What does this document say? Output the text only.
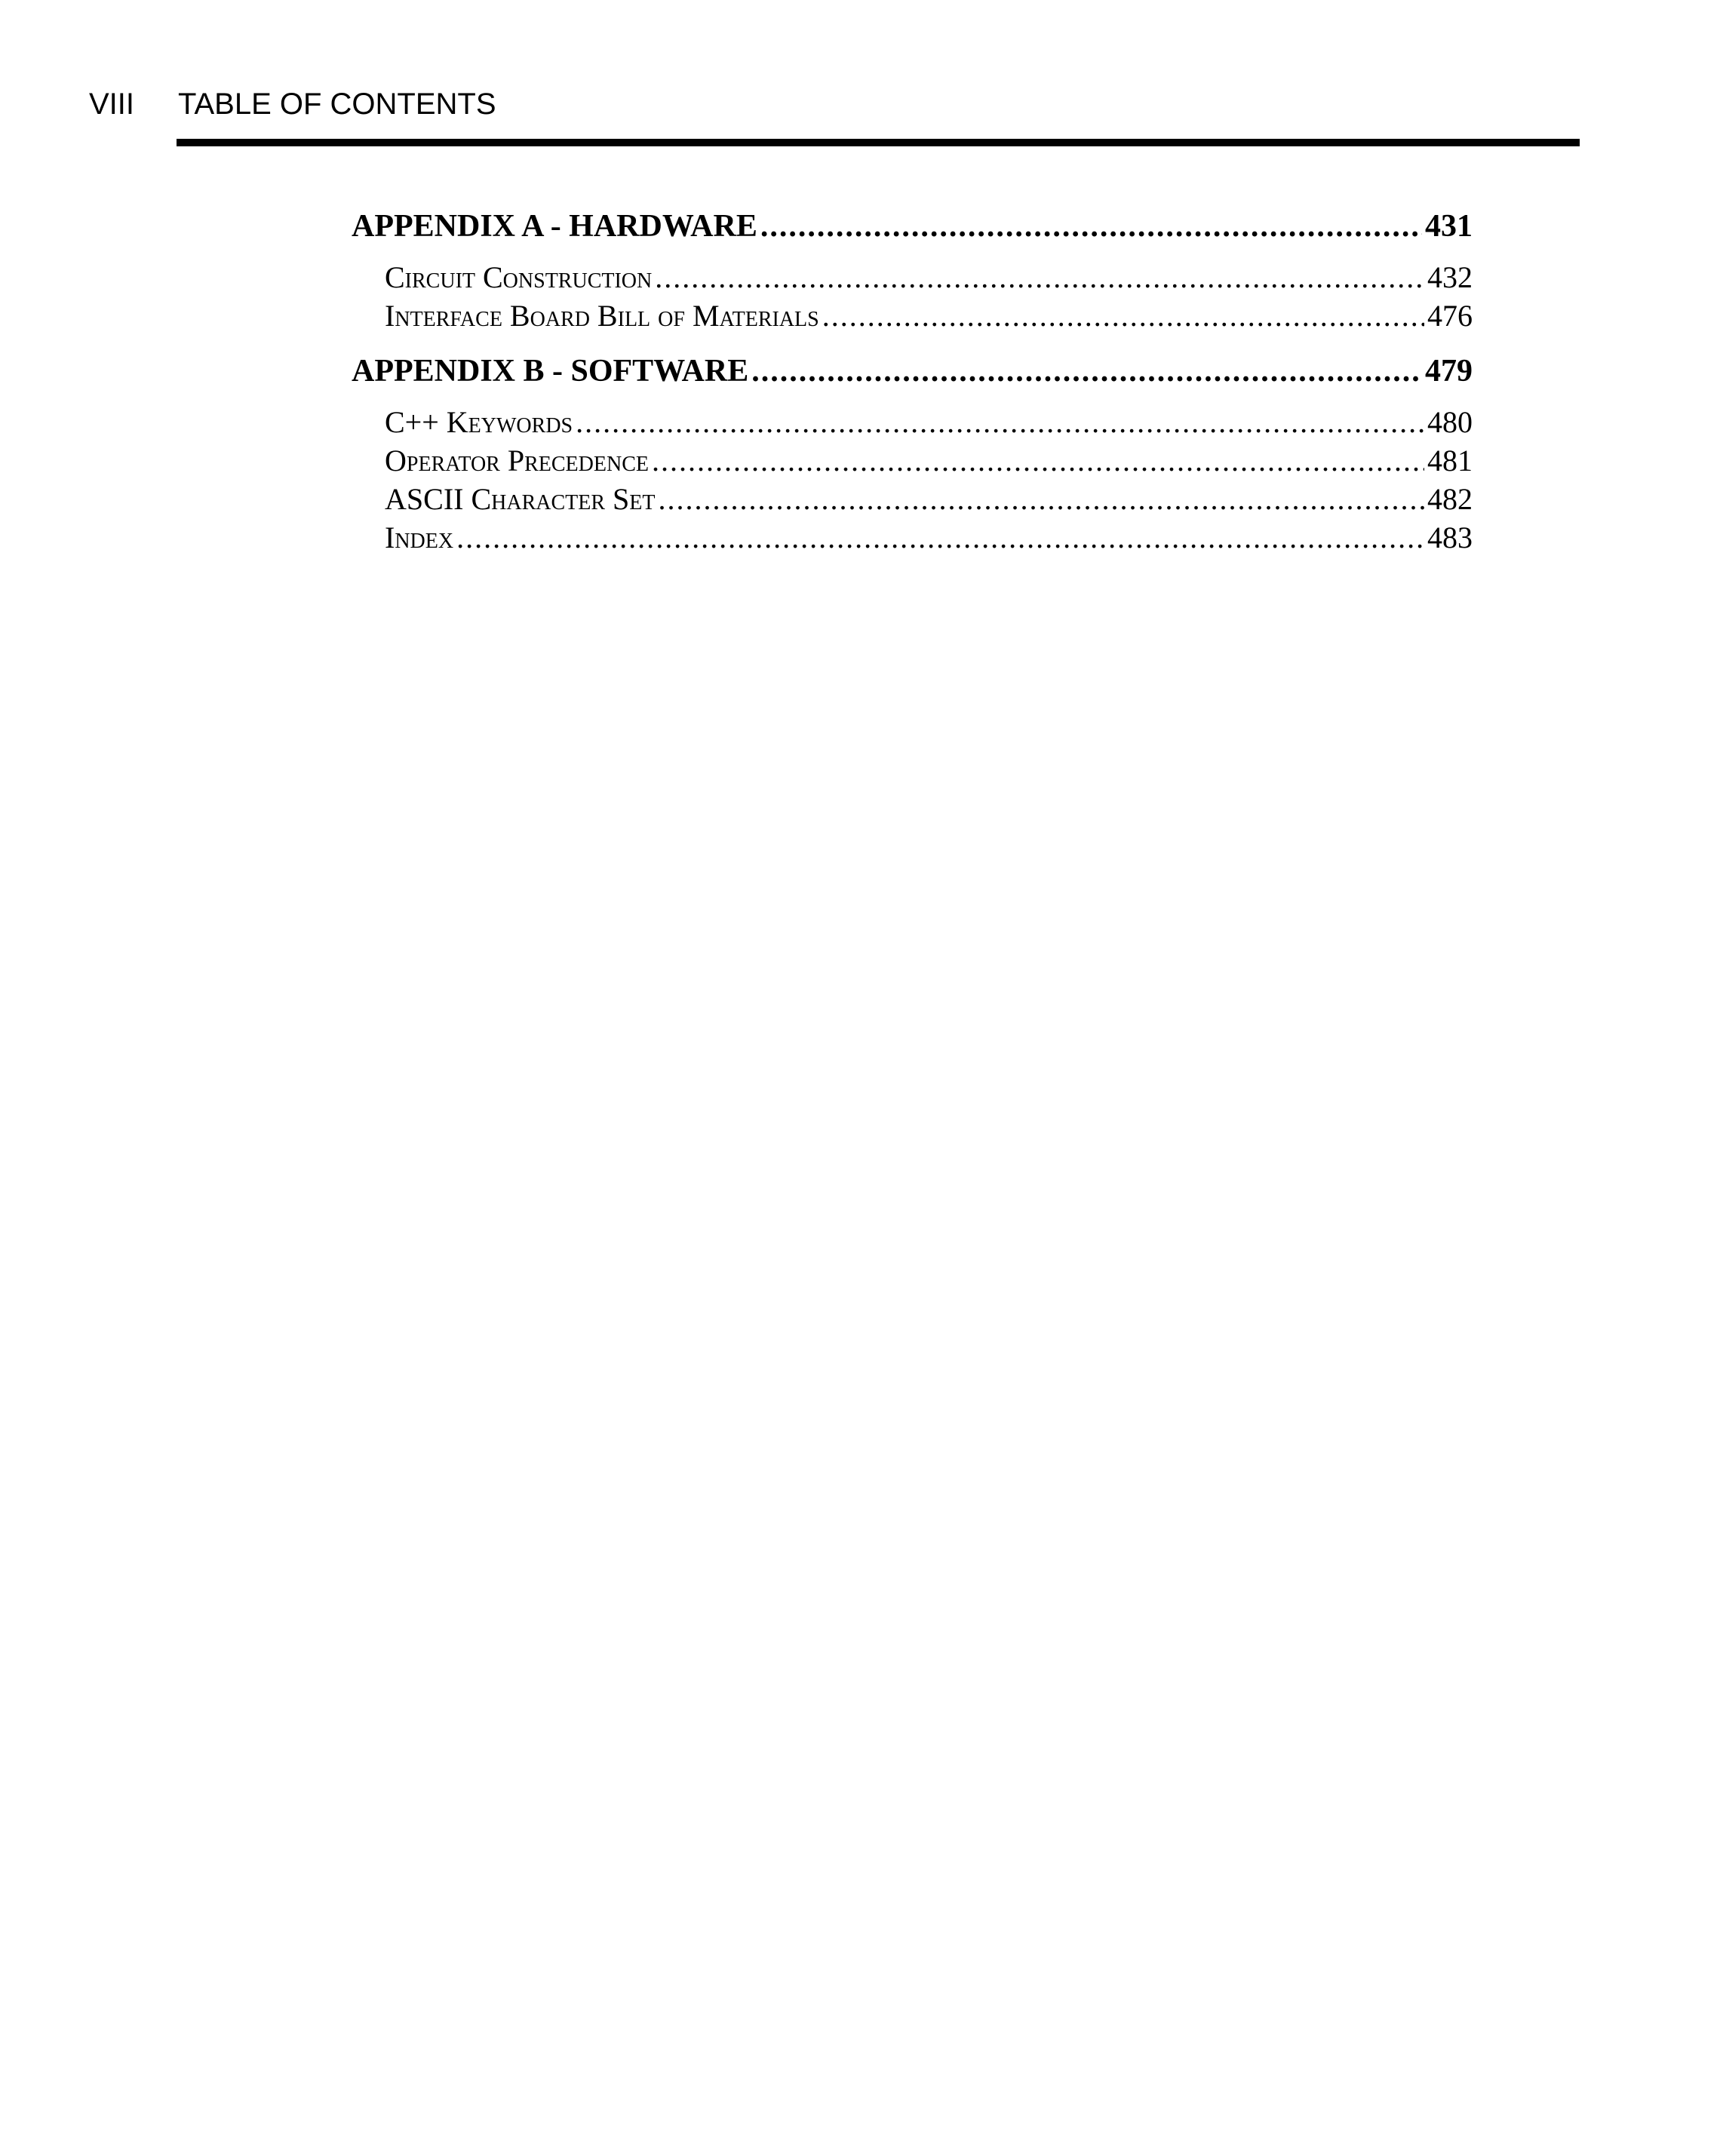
VIII TABLE OF CONTENTS
APPENDIX A - HARDWARE .....	431
Circuit Construction .....	432
Interface Board Bill of Materials .....	476
APPENDIX B - SOFTWARE .....	479
C++ Keywords .....	480
Operator Precedence .....	481
ASCII Character Set .....	482
Index .....	483
